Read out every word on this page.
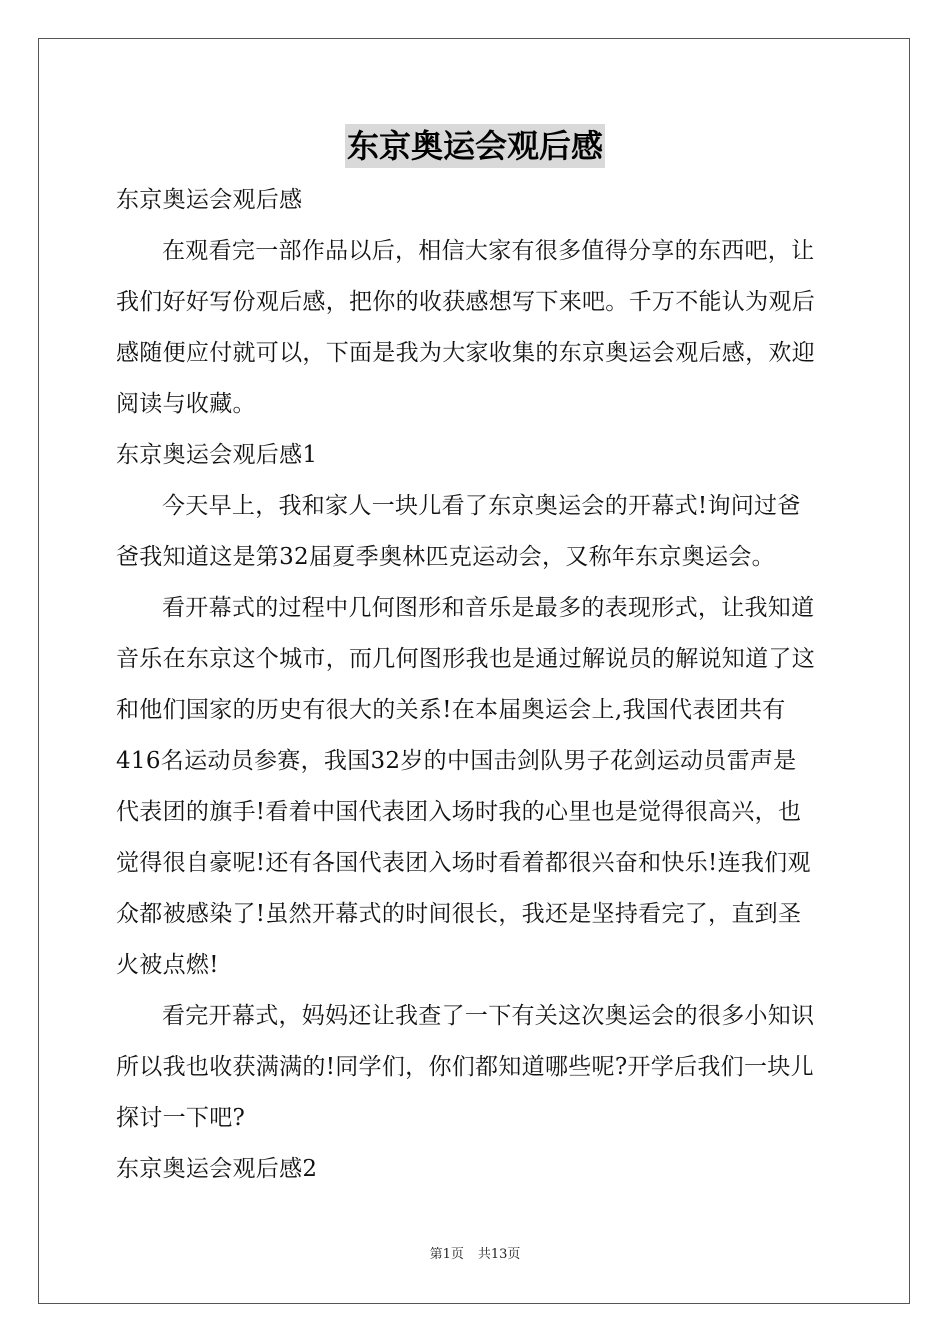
东京奥运会观后感
东京奥运会观后感
在观看完一部作品以后，相信大家有很多值得分享的东西吧，让
我们好好写份观后感，把你的收获感想写下来吧。千万不能认为观后
感随便应付就可以，下面是我为大家收集的东京奥运会观后感，欢迎
阅读与收藏。
东京奥运会观后感1
今天早上，我和家人一块儿看了东京奥运会的开幕式!询问过爸
爸我知道这是第32届夏季奥林匹克运动会，又称年东京奥运会。
看开幕式的过程中几何图形和音乐是最多的表现形式，让我知道
音乐在东京这个城市，而几何图形我也是通过解说员的解说知道了这
和他们国家的历史有很大的关系!在本届奥运会上,我国代表团共有
416名运动员参赛，我国32岁的中国击剑队男子花剑运动员雷声是
代表团的旗手!看着中国代表团入场时我的心里也是觉得很高兴，也
觉得很自豪呢!还有各国代表团入场时看着都很兴奋和快乐!连我们观
众都被感染了!虽然开幕式的时间很长，我还是坚持看完了，直到圣
火被点燃!
看完开幕式，妈妈还让我查了一下有关这次奥运会的很多小知识
所以我也收获满满的!同学们，你们都知道哪些呢?开学后我们一块儿
探讨一下吧?
东京奥运会观后感2
第1页 共13页
